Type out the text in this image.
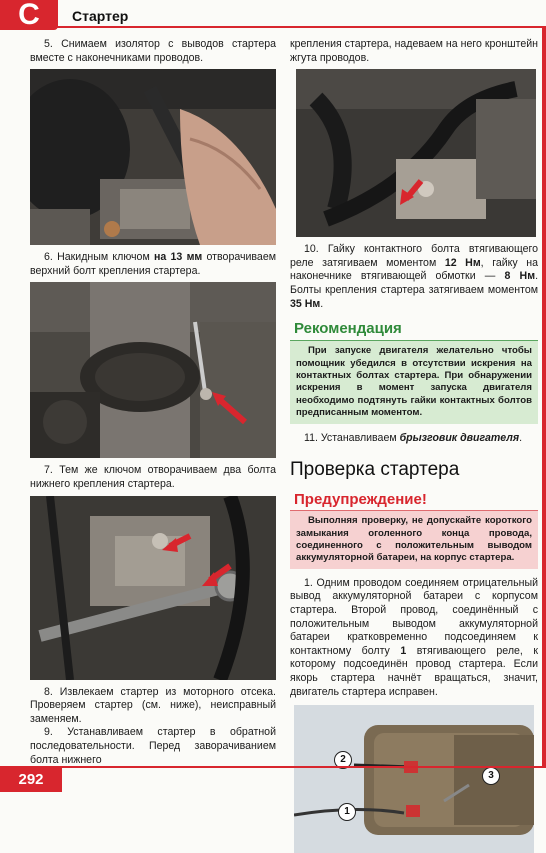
C	Стартер

5. Снимаем изолятор с выводов стартера вместе с наконечниками проводов.

6. Накидным ключом на 13 мм отворачиваем верхний болт крепления стартера.

7. Тем же ключом отворачиваем два болта нижнего крепления стартера.

8. Извлекаем стартер из моторного отсека. Проверяем стартер (см. ниже), неисправный заменяем.

9. Устанавливаем стартер в обратной последовательности. Перед заворачиванием болта нижнего

крепления стартера, надеваем на него кронштейн жгута проводов.

10. Гайку контактного болта втягивающего реле затягиваем моментом 12 Нм, гайку на наконечнике втягивающей обмотки — 8 Нм. Болты крепления стартера затягиваем моментом 35 Нм.

Рекомендация
При запуске двигателя желательно чтобы помощник убедился в отсутствии искрения на контактных болтах стартера. При обнаружении искрения в момент запуска двигателя необходимо подтянуть гайки контактных болтов предписанным моментом.

11. Устанавливаем брызговик двигателя.

Проверка стартера
Предупреждение!
Выполняя проверку, не допускайте короткого замыкания оголенного конца провода, соединенного с положительным выводом аккумуляторной батареи, на корпус стартера.

1. Одним проводом соединяем отрицательный вывод аккумуляторной батареи с корпусом стартера. Второй провод, соединённый с положительным выводом аккумуляторной батареи кратковременно подсоединяем к контактному болту 1 втягивающего реле, к которому подсоединён провод стартера. Если якорь стартера начнёт вращаться, значит, двигатель стартера исправен.

2
3
1
292
